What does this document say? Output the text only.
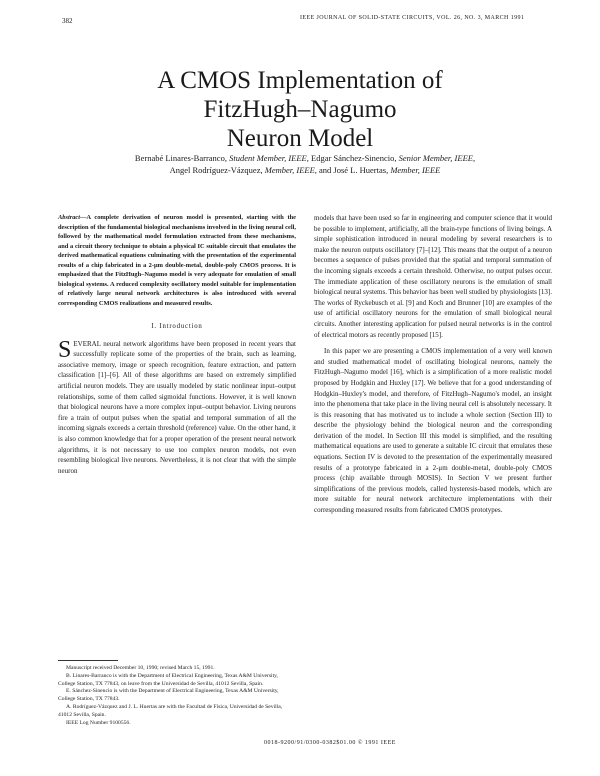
382	IEEE JOURNAL OF SOLID-STATE CIRCUITS, VOL. 26, NO. 3, MARCH 1991
A CMOS Implementation of
FitzHugh–Nagumo
Neuron Model
Bernabé Linares-Barranco, Student Member, IEEE, Edgar Sánchez-Sinencio, Senior Member, IEEE,
Angel Rodríguez-Vázquez, Member, IEEE, and José L. Huertas, Member, IEEE
Abstract—A complete derivation of neuron model is presented, starting with the description of the fundamental biological mechanisms involved in the living neural cell, followed by the mathematical model formulation extracted from these mechanisms, and a circuit theory technique to obtain a physical IC suitable circuit that emulates the derived mathematical equations culminating with the presentation of the experimental results of a chip fabricated in a 2-μm double-metal, double-poly CMOS process. It is emphasized that the FitzHugh–Nagumo model is very adequate for emulation of small biological systems. A reduced complexity oscillatory model suitable for implementation of relatively large neural network architectures is also introduced with several corresponding CMOS realizations and measured results.
I. Introduction

SEVERAL neural network algorithms have been proposed in recent years that successfully replicate some of the properties of the brain, such as learning, associative memory, image or speech recognition, feature extraction, and pattern classification [1]–[6]. All of these algorithms are based on extremely simplified artificial neuron models. They are usually modeled by static nonlinear input–output relationships, some of them called sigmoidal functions. However, it is well known that biological neurons have a more complex input–output behavior. Living neurons fire a train of output pulses when the spatial and temporal summation of all the incoming signals exceeds a certain threshold (reference) value. On the other hand, it is also common knowledge that for a proper operation of the present neural network algorithms, it is not necessary to use too complex neuron models, not even resembling biological live neurons. Nevertheless, it is not clear that with the simple neuron

models that have been used so far in engineering and computer science that it would be possible to implement, artificially, all the brain-type functions of living beings. A simple sophistication introduced in neural modeling by several researchers is to make the neuron outputs oscillatory [7]–[12]. This means that the output of a neuron becomes a sequence of pulses provided that the spatial and temporal summation of the incoming signals exceeds a certain threshold. Otherwise, no output pulses occur. The immediate application of these oscillatory neurons is the emulation of small biological neural systems. This behavior has been well studied by physiologists [13]. The works of Ryckebusch et al. [9] and Koch and Brunner [10] are examples of the use of artificial oscillatory neurons for the emulation of small biological neural circuits. Another interesting application for pulsed neural networks is in the control of electrical motors as recently proposed [15].

In this paper we are presenting a CMOS implementation of a very well known and studied mathematical model of oscillating biological neurons, namely the FitzHugh–Nagumo model [16], which is a simplification of a more realistic model proposed by Hodgkin and Huxley [17]. We believe that for a good understanding of Hodgkin–Huxley's model, and therefore, of FitzHugh–Nagumo's model, an insight into the phenomena that take place in the living neural cell is absolutely necessary. It is this reasoning that has motivated us to include a whole section (Section III) to describe the physiology behind the biological neuron and the corresponding derivation of the model. In Section III this model is simplified, and the resulting mathematical equations are used to generate a suitable IC circuit that emulates these equations. Section IV is devoted to the presentation of the experimentally measured results of a prototype fabricated in a 2-μm double-metal, double-poly CMOS process (chip available through MOSIS). In Section V we present further simplifications of the previous models, called hysteresis-based models, which are more suitable for neural network architecture implementations with their corresponding measured results from fabricated CMOS prototypes.

Manuscript received December 10, 1990; revised March 15, 1991.

B. Linares-Barranco is with the Department of Electrical Engineering, Texas A&M University, College Station, TX 77843, on leave from the Universidad de Sevilla, 41012 Sevilla, Spain.

E. Sánchez-Sinencio is with the Department of Electrical Engineering, Texas A&M University, College Station, TX 77843.

A. Rodríguez-Vázquez and J. L. Huertas are with the Facultad de Física, Universidad de Sevilla, 41012 Sevilla, Spain.

IEEE Log Number 9100556.

0018-9200/91/0300-0382$01.00 © 1991 IEEE
